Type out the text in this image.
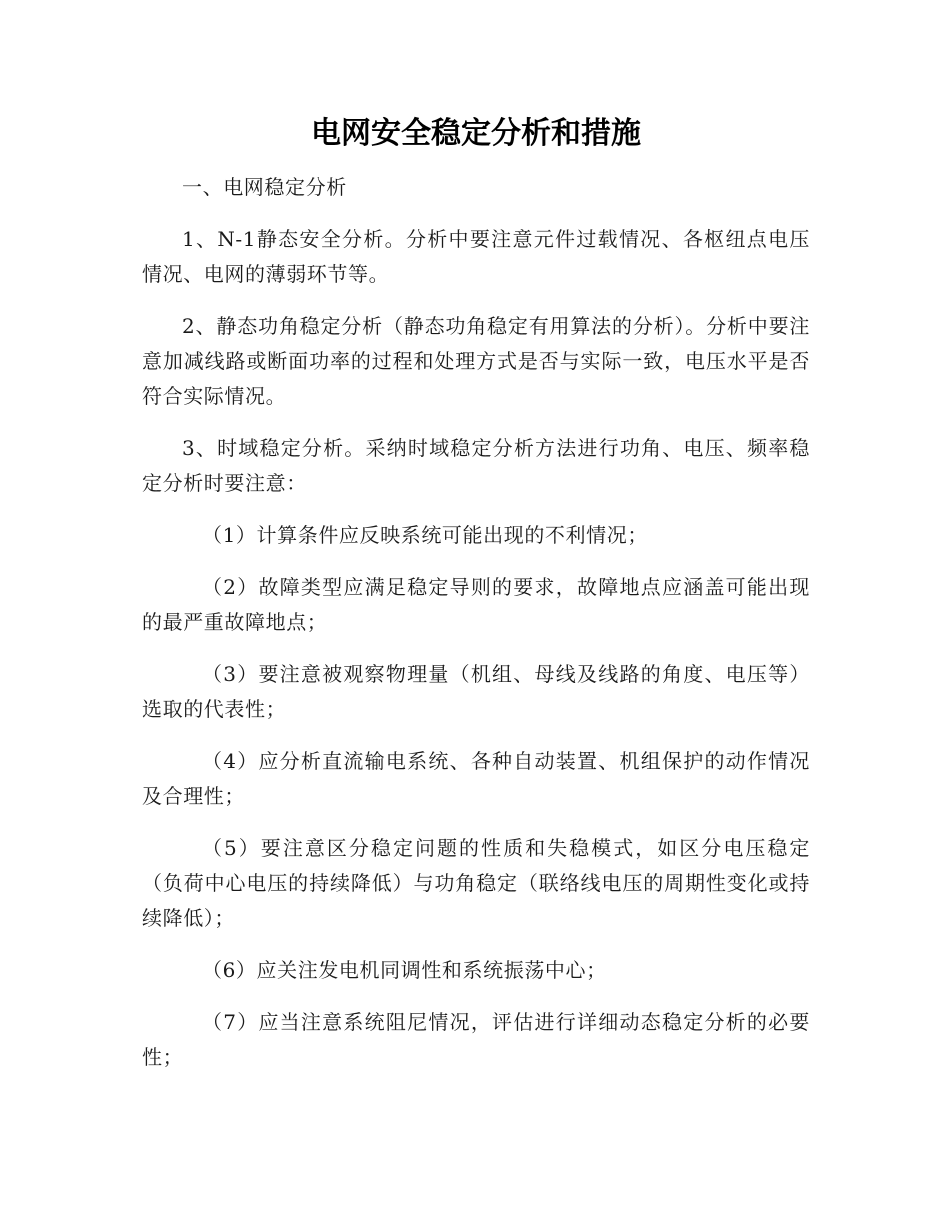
电网安全稳定分析和措施

一、电网稳定分析

1、N-1静态安全分析。分析中要注意元件过载情况、各枢纽点电压情况、电网的薄弱环节等。

2、静态功角稳定分析（静态功角稳定有用算法的分析）。分析中要注意加减线路或断面功率的过程和处理方式是否与实际一致，电压水平是否符合实际情况。

3、时域稳定分析。采纳时域稳定分析方法进行功角、电压、频率稳定分析时要注意：

（1）计算条件应反映系统可能出现的不利情况；

（2）故障类型应满足稳定导则的要求，故障地点应涵盖可能出现的最严重故障地点；

（3）要注意被观察物理量（机组、母线及线路的角度、电压等）选取的代表性；

（4）应分析直流输电系统、各种自动装置、机组保护的动作情况及合理性；

（5）要注意区分稳定问题的性质和失稳模式，如区分电压稳定（负荷中心电压的持续降低）与功角稳定（联络线电压的周期性变化或持续降低）；

（6）应关注发电机同调性和系统振荡中心；

（7）应当注意系统阻尼情况，评估进行详细动态稳定分析的必要性；
